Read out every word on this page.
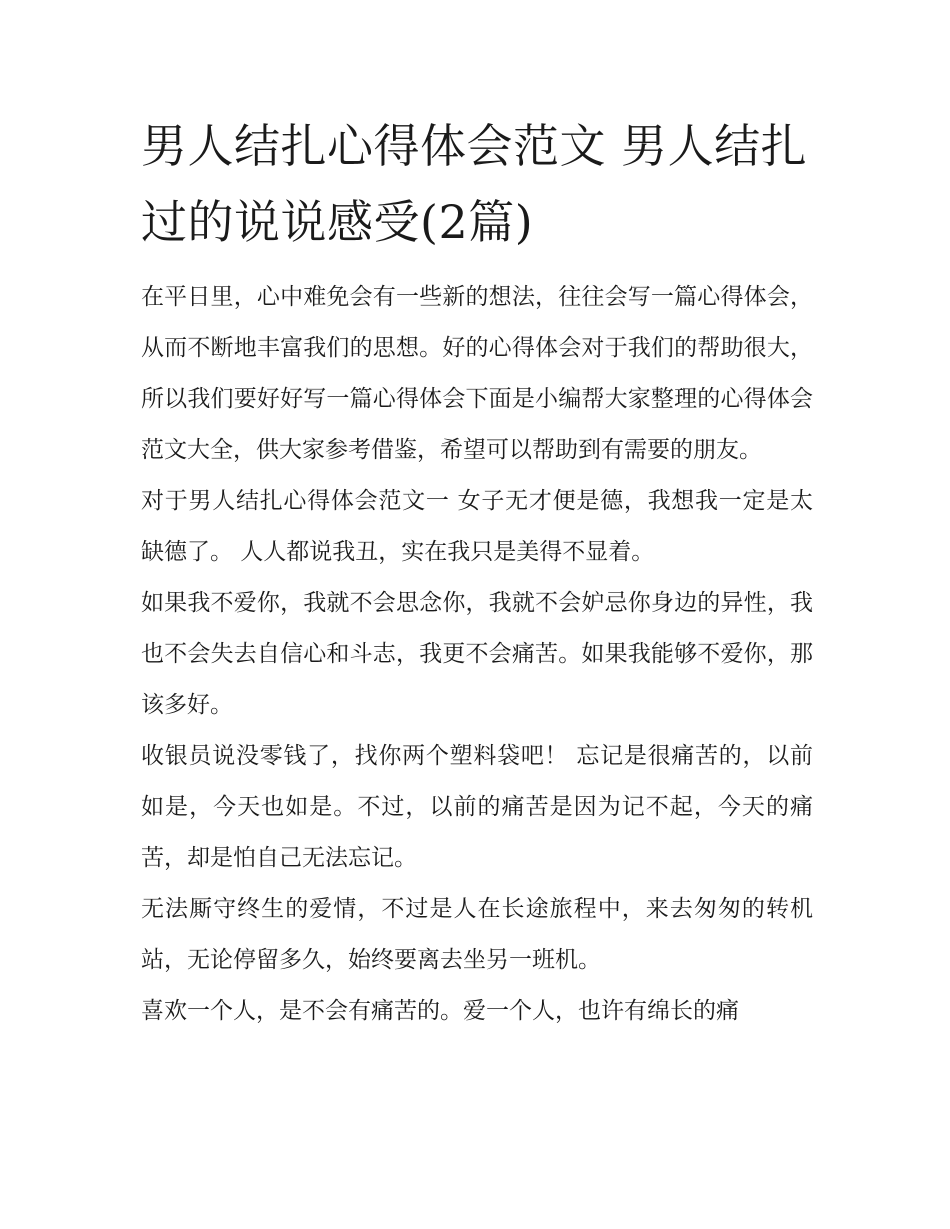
男人结扎心得体会范文 男人结扎过的说说感受(2篇)

在平日里，心中难免会有一些新的想法，往往会写一篇心得体会，从而不断地丰富我们的思想。好的心得体会对于我们的帮助很大，所以我们要好好写一篇心得体会下面是小编帮大家整理的心得体会范文大全，供大家参考借鉴，希望可以帮助到有需要的朋友。

对于男人结扎心得体会范文一 女子无才便是德，我想我一定是太缺德了。 人人都说我丑，实在我只是美得不显着。

如果我不爱你，我就不会思念你，我就不会妒忌你身边的异性，我也不会失去自信心和斗志，我更不会痛苦。如果我能够不爱你，那该多好。

收银员说没零钱了，找你两个塑料袋吧！ 忘记是很痛苦的，以前如是，今天也如是。不过，以前的痛苦是因为记不起，今天的痛苦，却是怕自己无法忘记。

无法厮守终生的爱情，不过是人在长途旅程中，来去匆匆的转机站，无论停留多久，始终要离去坐另一班机。

喜欢一个人，是不会有痛苦的。爱一个人，也许有绵长的痛
